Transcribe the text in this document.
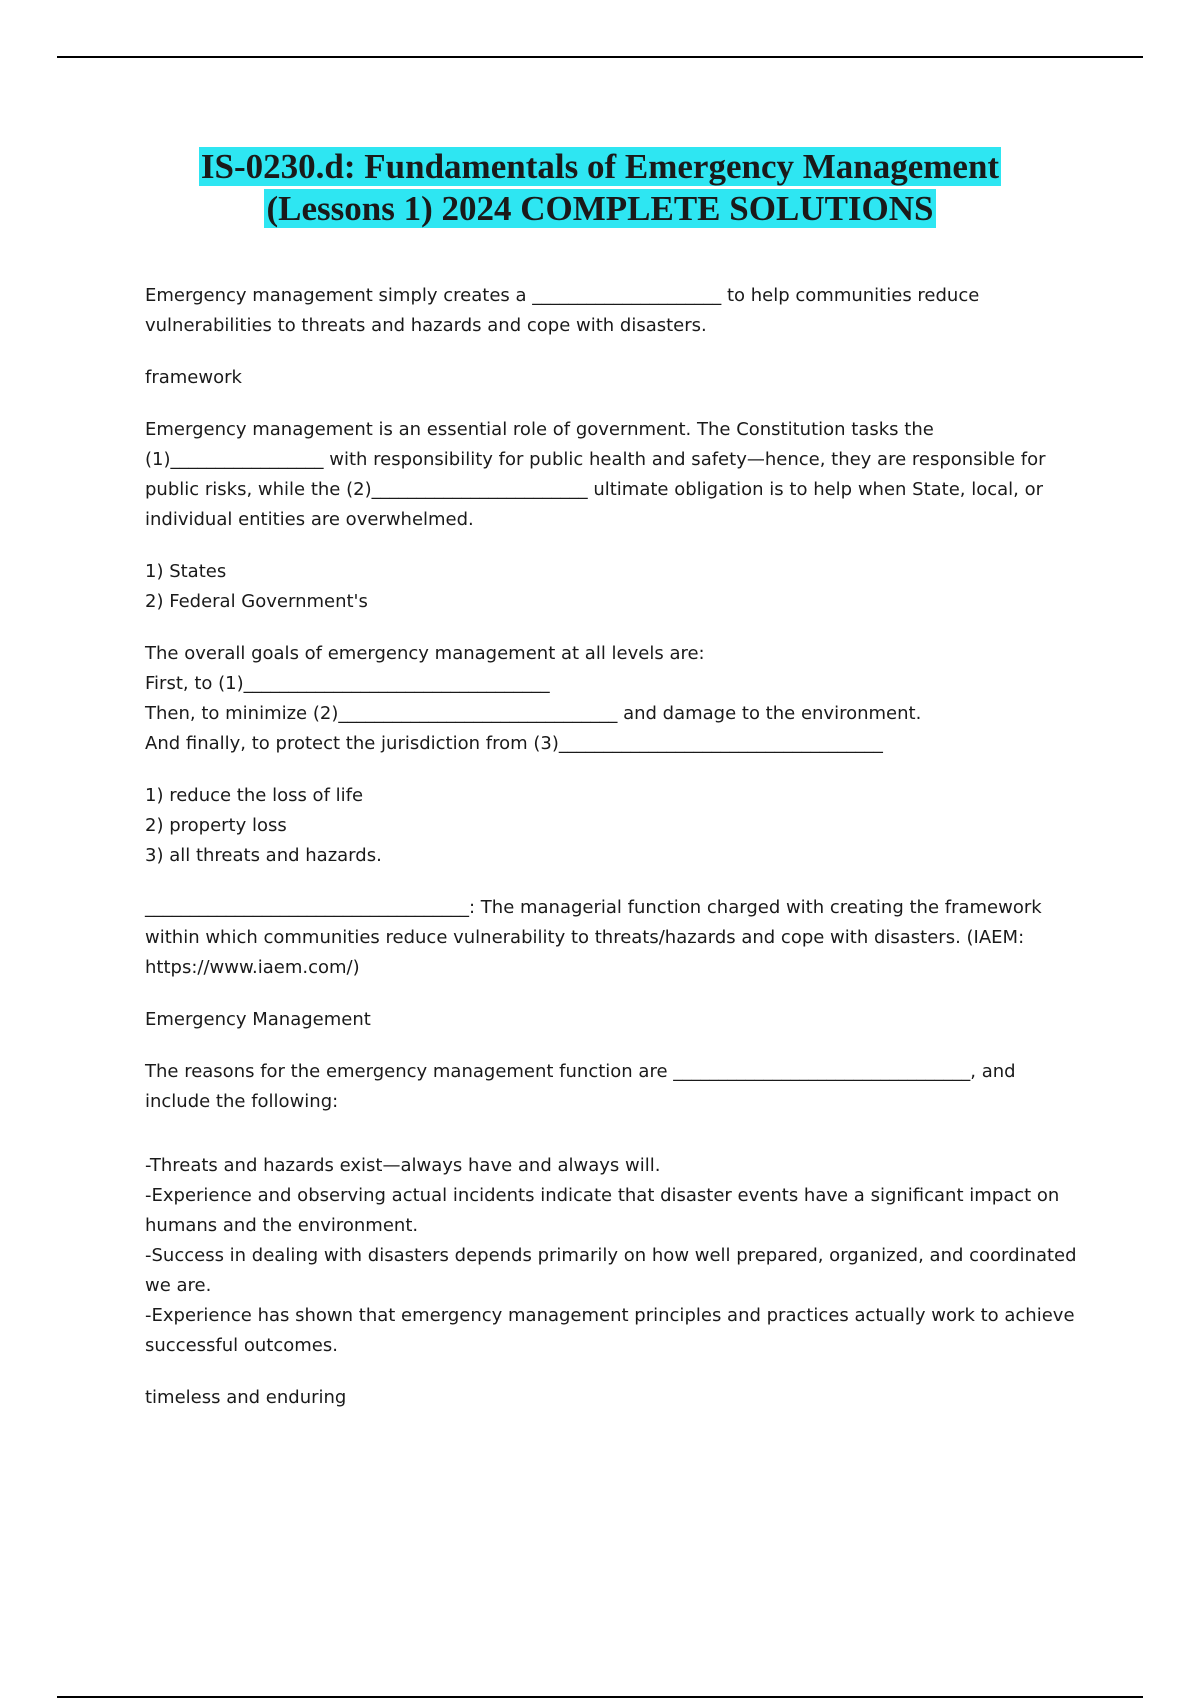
IS-0230.d: Fundamentals of Emergency Management
(Lessons 1) 2024 COMPLETE SOLUTIONS

Emergency management simply creates a _____________________ to help communities reduce vulnerabilities to threats and hazards and cope with disasters.

framework

Emergency management is an essential role of government. The Constitution tasks the (1)_________________ with responsibility for public health and safety—hence, they are responsible for public risks, while the (2)________________________ ultimate obligation is to help when State, local, or individual entities are overwhelmed.

1) States

2) Federal Government's

The overall goals of emergency management at all levels are:

First, to (1)__________________________________

Then, to minimize (2)_______________________________ and damage to the environment.

And finally, to protect the jurisdiction from (3)____________________________________

1) reduce the loss of life

2) property loss

3) all threats and hazards.

____________________________________: The managerial function charged with creating the framework within which communities reduce vulnerability to threats/hazards and cope with disasters. (IAEM: https://www.iaem.com/)

Emergency Management

The reasons for the emergency management function are _________________________________, and include the following:

-Threats and hazards exist—always have and always will.

-Experience and observing actual incidents indicate that disaster events have a significant impact on humans and the environment.

-Success in dealing with disasters depends primarily on how well prepared, organized, and coordinated we are.

-Experience has shown that emergency management principles and practices actually work to achieve successful outcomes.

timeless and enduring
